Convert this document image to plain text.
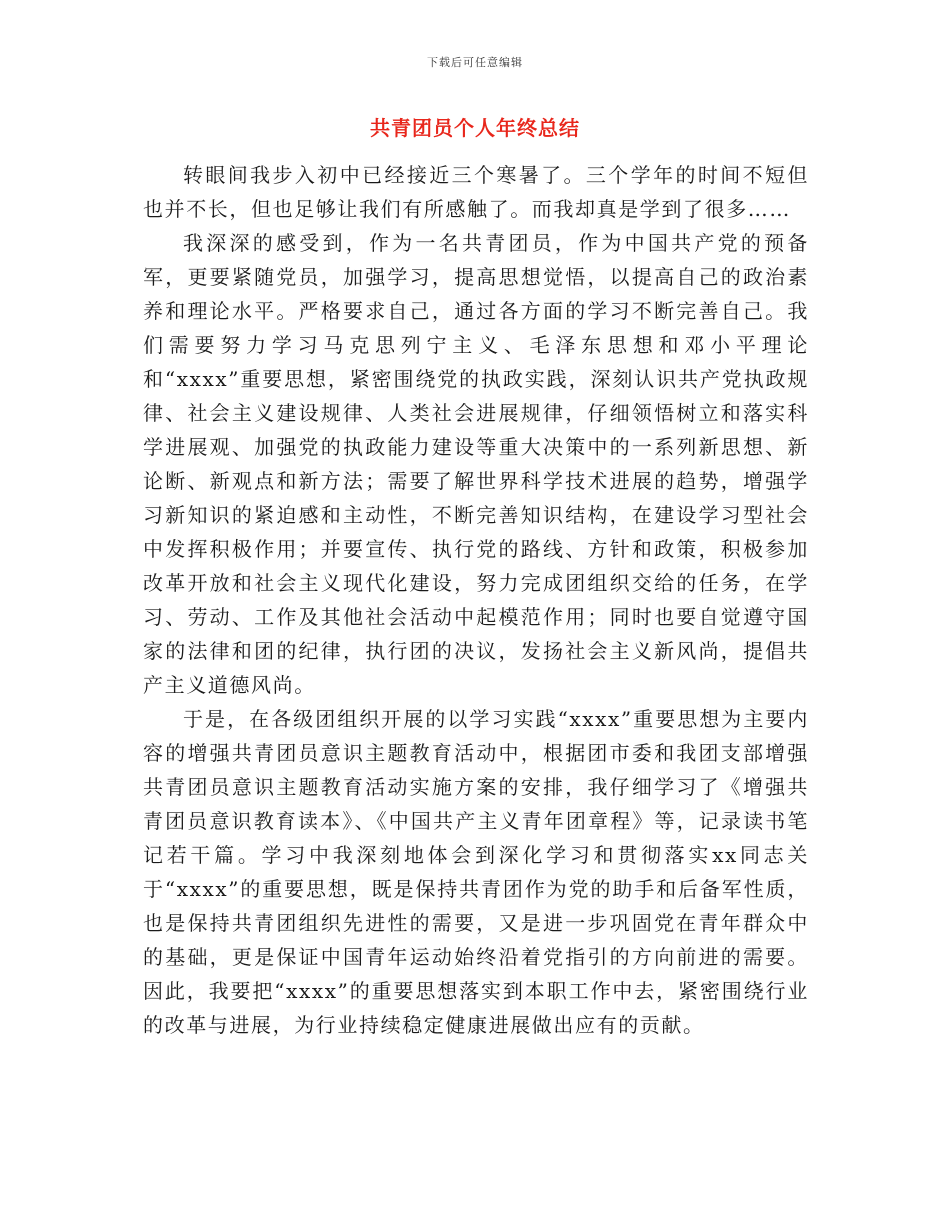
下载后可任意编辑
共青团员个人年终总结

转眼间我步入初中已经接近三个寒暑了。三个学年的时间不短但也并不长，但也足够让我们有所感触了。而我却真是学到了很多……

我深深的感受到，作为一名共青团员，作为中国共产党的预备军，更要紧随党员，加强学习，提高思想觉悟，以提高自己的政治素养和理论水平。严格要求自己，通过各方面的学习不断完善自己。我们需要努力学习马克思列宁主义、毛泽东思想和邓小平理论和“xxxx”重要思想，紧密围绕党的执政实践，深刻认识共产党执政规律、社会主义建设规律、人类社会进展规律，仔细领悟树立和落实科学进展观、加强党的执政能力建设等重大决策中的一系列新思想、新论断、新观点和新方法；需要了解世界科学技术进展的趋势，增强学习新知识的紧迫感和主动性，不断完善知识结构，在建设学习型社会中发挥积极作用；并要宣传、执行党的路线、方针和政策，积极参加改革开放和社会主义现代化建设，努力完成团组织交给的任务，在学习、劳动、工作及其他社会活动中起模范作用；同时也要自觉遵守国家的法律和团的纪律，执行团的决议，发扬社会主义新风尚，提倡共产主义道德风尚。

于是，在各级团组织开展的以学习实践“xxxx”重要思想为主要内容的增强共青团员意识主题教育活动中，根据团市委和我团支部增强共青团员意识主题教育活动实施方案的安排，我仔细学习了《增强共青团员意识教育读本》、《中国共产主义青年团章程》等，记录读书笔记若干篇。学习中我深刻地体会到深化学习和贯彻落实xx同志关于“xxxx”的重要思想，既是保持共青团作为党的助手和后备军性质，也是保持共青团组织先进性的需要，又是进一步巩固党在青年群众中的基础，更是保证中国青年运动始终沿着党指引的方向前进的需要。因此，我要把“xxxx”的重要思想落实到本职工作中去，紧密围绕行业的改革与进展，为行业持续稳定健康进展做出应有的贡献。
